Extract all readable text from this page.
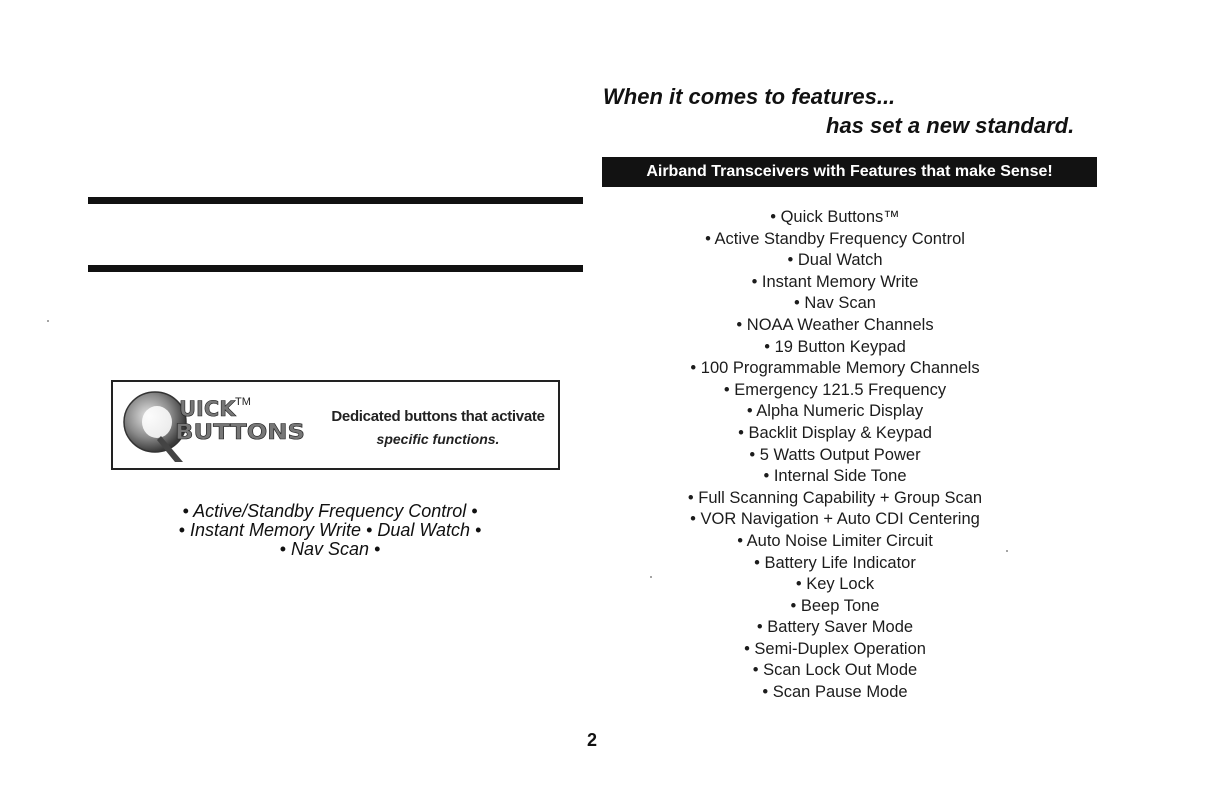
UICK TM
BUTTONS
Dedicated buttons that activate
specific functions.
• Active/Standby Frequency Control •
• Instant Memory Write • Dual Watch •
• Nav Scan •
When it comes to features...
has set a new standard.
Airband Transceivers with Features that make Sense!
• Quick Buttons™
• Active Standby Frequency Control
• Dual Watch
• Instant Memory Write
• Nav Scan
• NOAA Weather Channels
• 19 Button Keypad
• 100 Programmable Memory Channels
• Emergency 121.5 Frequency
• Alpha Numeric Display
• Backlit Display & Keypad
• 5 Watts Output Power
• Internal Side Tone
• Full Scanning Capability + Group Scan
• VOR Navigation + Auto CDI Centering
• Auto Noise Limiter Circuit
• Battery Life Indicator
• Key Lock
• Beep Tone
• Battery Saver Mode
• Semi-Duplex Operation
• Scan Lock Out Mode
• Scan Pause Mode
2
